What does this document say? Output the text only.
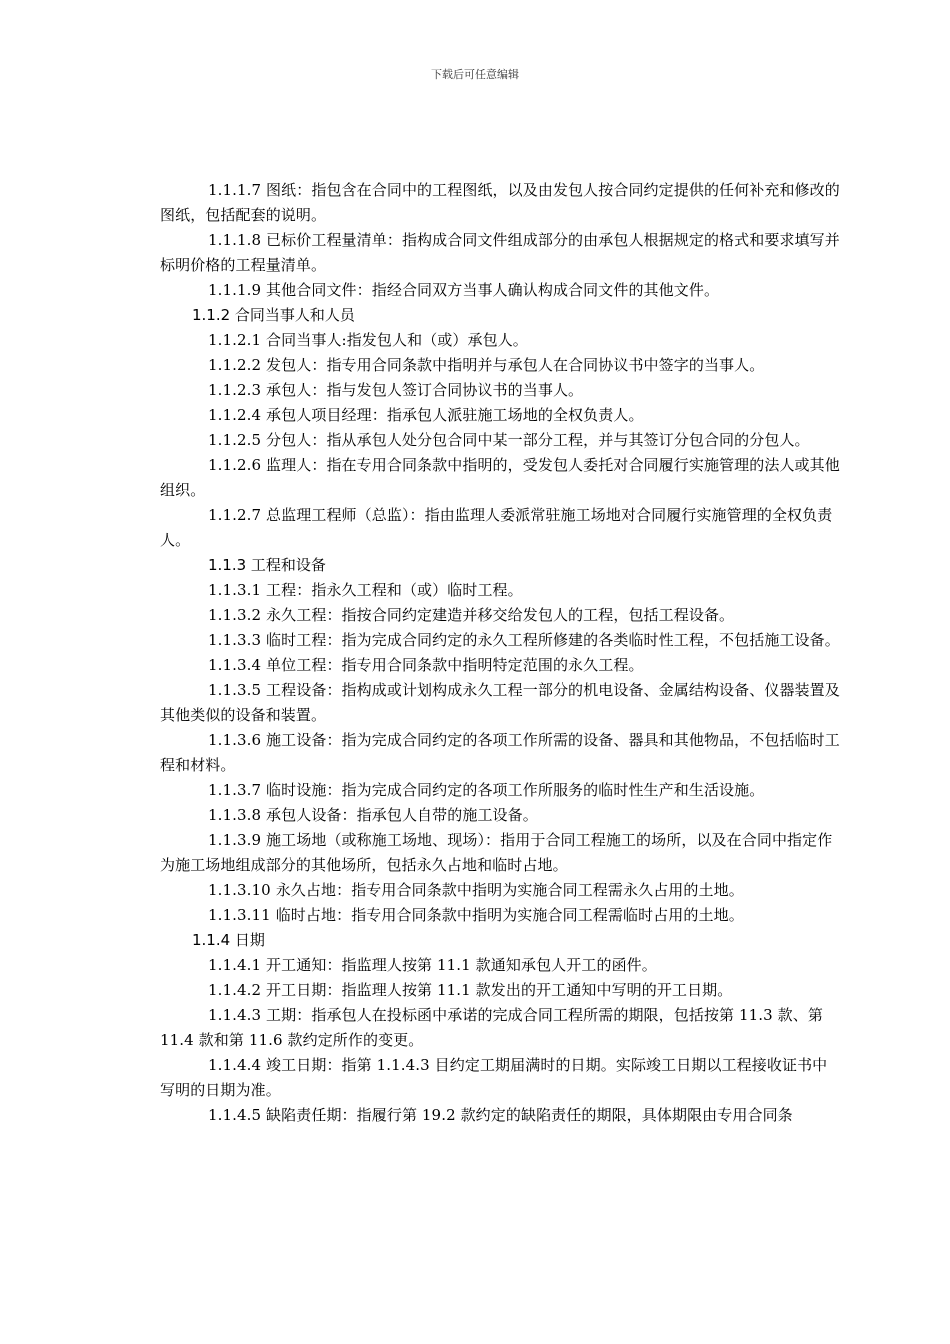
下载后可任意编辑

1.1.1.7 图纸：指包含在合同中的工程图纸，以及由发包人按合同约定提供的任何补充和修改的图纸，包括配套的说明。

1.1.1.8 已标价工程量清单：指构成合同文件组成部分的由承包人根据规定的格式和要求填写并标明价格的工程量清单。

1.1.1.9 其他合同文件：指经合同双方当事人确认构成合同文件的其他文件。

1.1.2 合同当事人和人员

1.1.2.1 合同当事人:指发包人和（或）承包人。

1.1.2.2 发包人：指专用合同条款中指明并与承包人在合同协议书中签字的当事人。

1.1.2.3 承包人：指与发包人签订合同协议书的当事人。

1.1.2.4 承包人项目经理：指承包人派驻施工场地的全权负责人。

1.1.2.5 分包人：指从承包人处分包合同中某一部分工程，并与其签订分包合同的分包人。

1.1.2.6 监理人：指在专用合同条款中指明的，受发包人委托对合同履行实施管理的法人或其他组织。

1.1.2.7 总监理工程师（总监）：指由监理人委派常驻施工场地对合同履行实施管理的全权负责人。

1.1.3 工程和设备

1.1.3.1 工程：指永久工程和（或）临时工程。

1.1.3.2 永久工程：指按合同约定建造并移交给发包人的工程，包括工程设备。

1.1.3.3 临时工程：指为完成合同约定的永久工程所修建的各类临时性工程，不包括施工设备。

1.1.3.4 单位工程：指专用合同条款中指明特定范围的永久工程。

1.1.3.5 工程设备：指构成或计划构成永久工程一部分的机电设备、金属结构设备、仪器装置及其他类似的设备和装置。

1.1.3.6 施工设备：指为完成合同约定的各项工作所需的设备、器具和其他物品，不包括临时工程和材料。

1.1.3.7 临时设施：指为完成合同约定的各项工作所服务的临时性生产和生活设施。

1.1.3.8 承包人设备：指承包人自带的施工设备。

1.1.3.9 施工场地（或称施工场地、现场）：指用于合同工程施工的场所，以及在合同中指定作为施工场地组成部分的其他场所，包括永久占地和临时占地。

1.1.3.10 永久占地：指专用合同条款中指明为实施合同工程需永久占用的土地。

1.1.3.11 临时占地：指专用合同条款中指明为实施合同工程需临时占用的土地。

1.1.4 日期

1.1.4.1 开工通知：指监理人按第 11.1 款通知承包人开工的函件。

1.1.4.2 开工日期：指监理人按第 11.1 款发出的开工通知中写明的开工日期。

1.1.4.3 工期：指承包人在投标函中承诺的完成合同工程所需的期限，包括按第 11.3 款、第 11.4 款和第 11.6 款约定所作的变更。

1.1.4.4 竣工日期：指第 1.1.4.3 目约定工期届满时的日期。实际竣工日期以工程接收证书中写明的日期为准。

1.1.4.5 缺陷责任期：指履行第 19.2 款约定的缺陷责任的期限，具体期限由专用合同条
